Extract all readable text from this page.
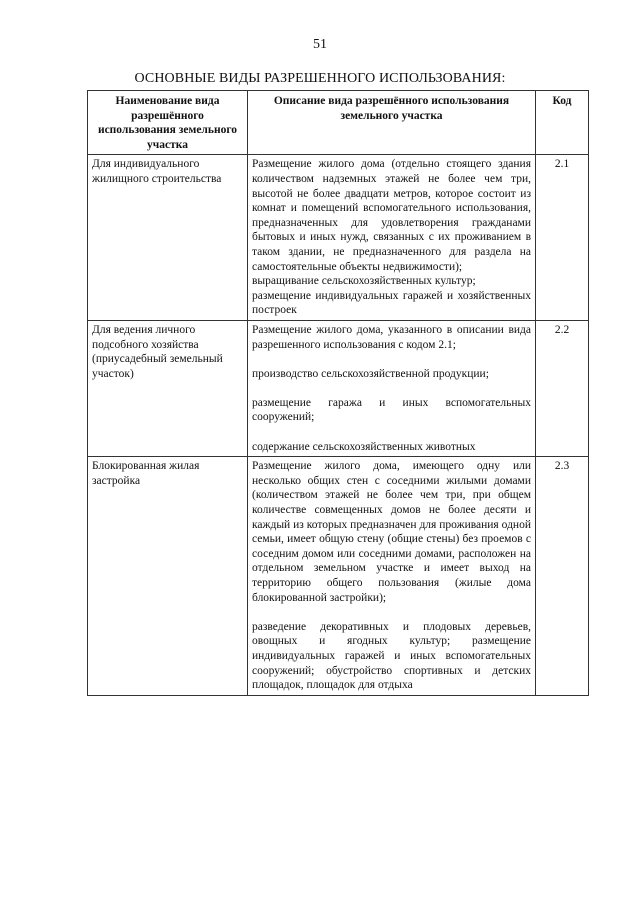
51
ОСНОВНЫЕ ВИДЫ РАЗРЕШЕННОГО ИСПОЛЬЗОВАНИЯ:
Наименование вида разрешённого использования земельного участка	Описание вида разрешённого использования земельного участка	Код
Для индивидуального жилищного строительства	Размещение жилого дома (отдельно стоящего здания количеством надземных этажей не более чем три, высотой не более двадцати метров, которое состоит из комнат и помещений вспомогательного использования, предназначенных для удовлетворения гражданами бытовых и иных нужд, связанных с их проживанием в таком здании, не предназначенного для раздела на самостоятельные объекты недвижимости);
выращивание сельскохозяйственных культур;
размещение индивидуальных гаражей и хозяйственных построек	2.1
Для ведения личного подсобного хозяйства (приусадебный земельный участок)	Размещение жилого дома, указанного в описании вида разрешенного использования с кодом 2.1;
производство сельскохозяйственной продукции;
размещение гаража и иных вспомогательных сооружений;
содержание сельскохозяйственных животных	2.2
Блокированная жилая застройка	Размещение жилого дома, имеющего одну или несколько общих стен с соседними жилыми домами (количеством этажей не более чем три, при общем количестве совмещенных домов не более десяти и каждый из которых предназначен для проживания одной семьи, имеет общую стену (общие стены) без проемов с соседним домом или соседними домами, расположен на отдельном земельном участке и имеет выход на территорию общего пользования (жилые дома блокированной застройки);
разведение декоративных и плодовых деревьев, овощных и ягодных культур; размещение индивидуальных гаражей и иных вспомогательных сооружений; обустройство спортивных и детских площадок, площадок для отдыха	2.3
